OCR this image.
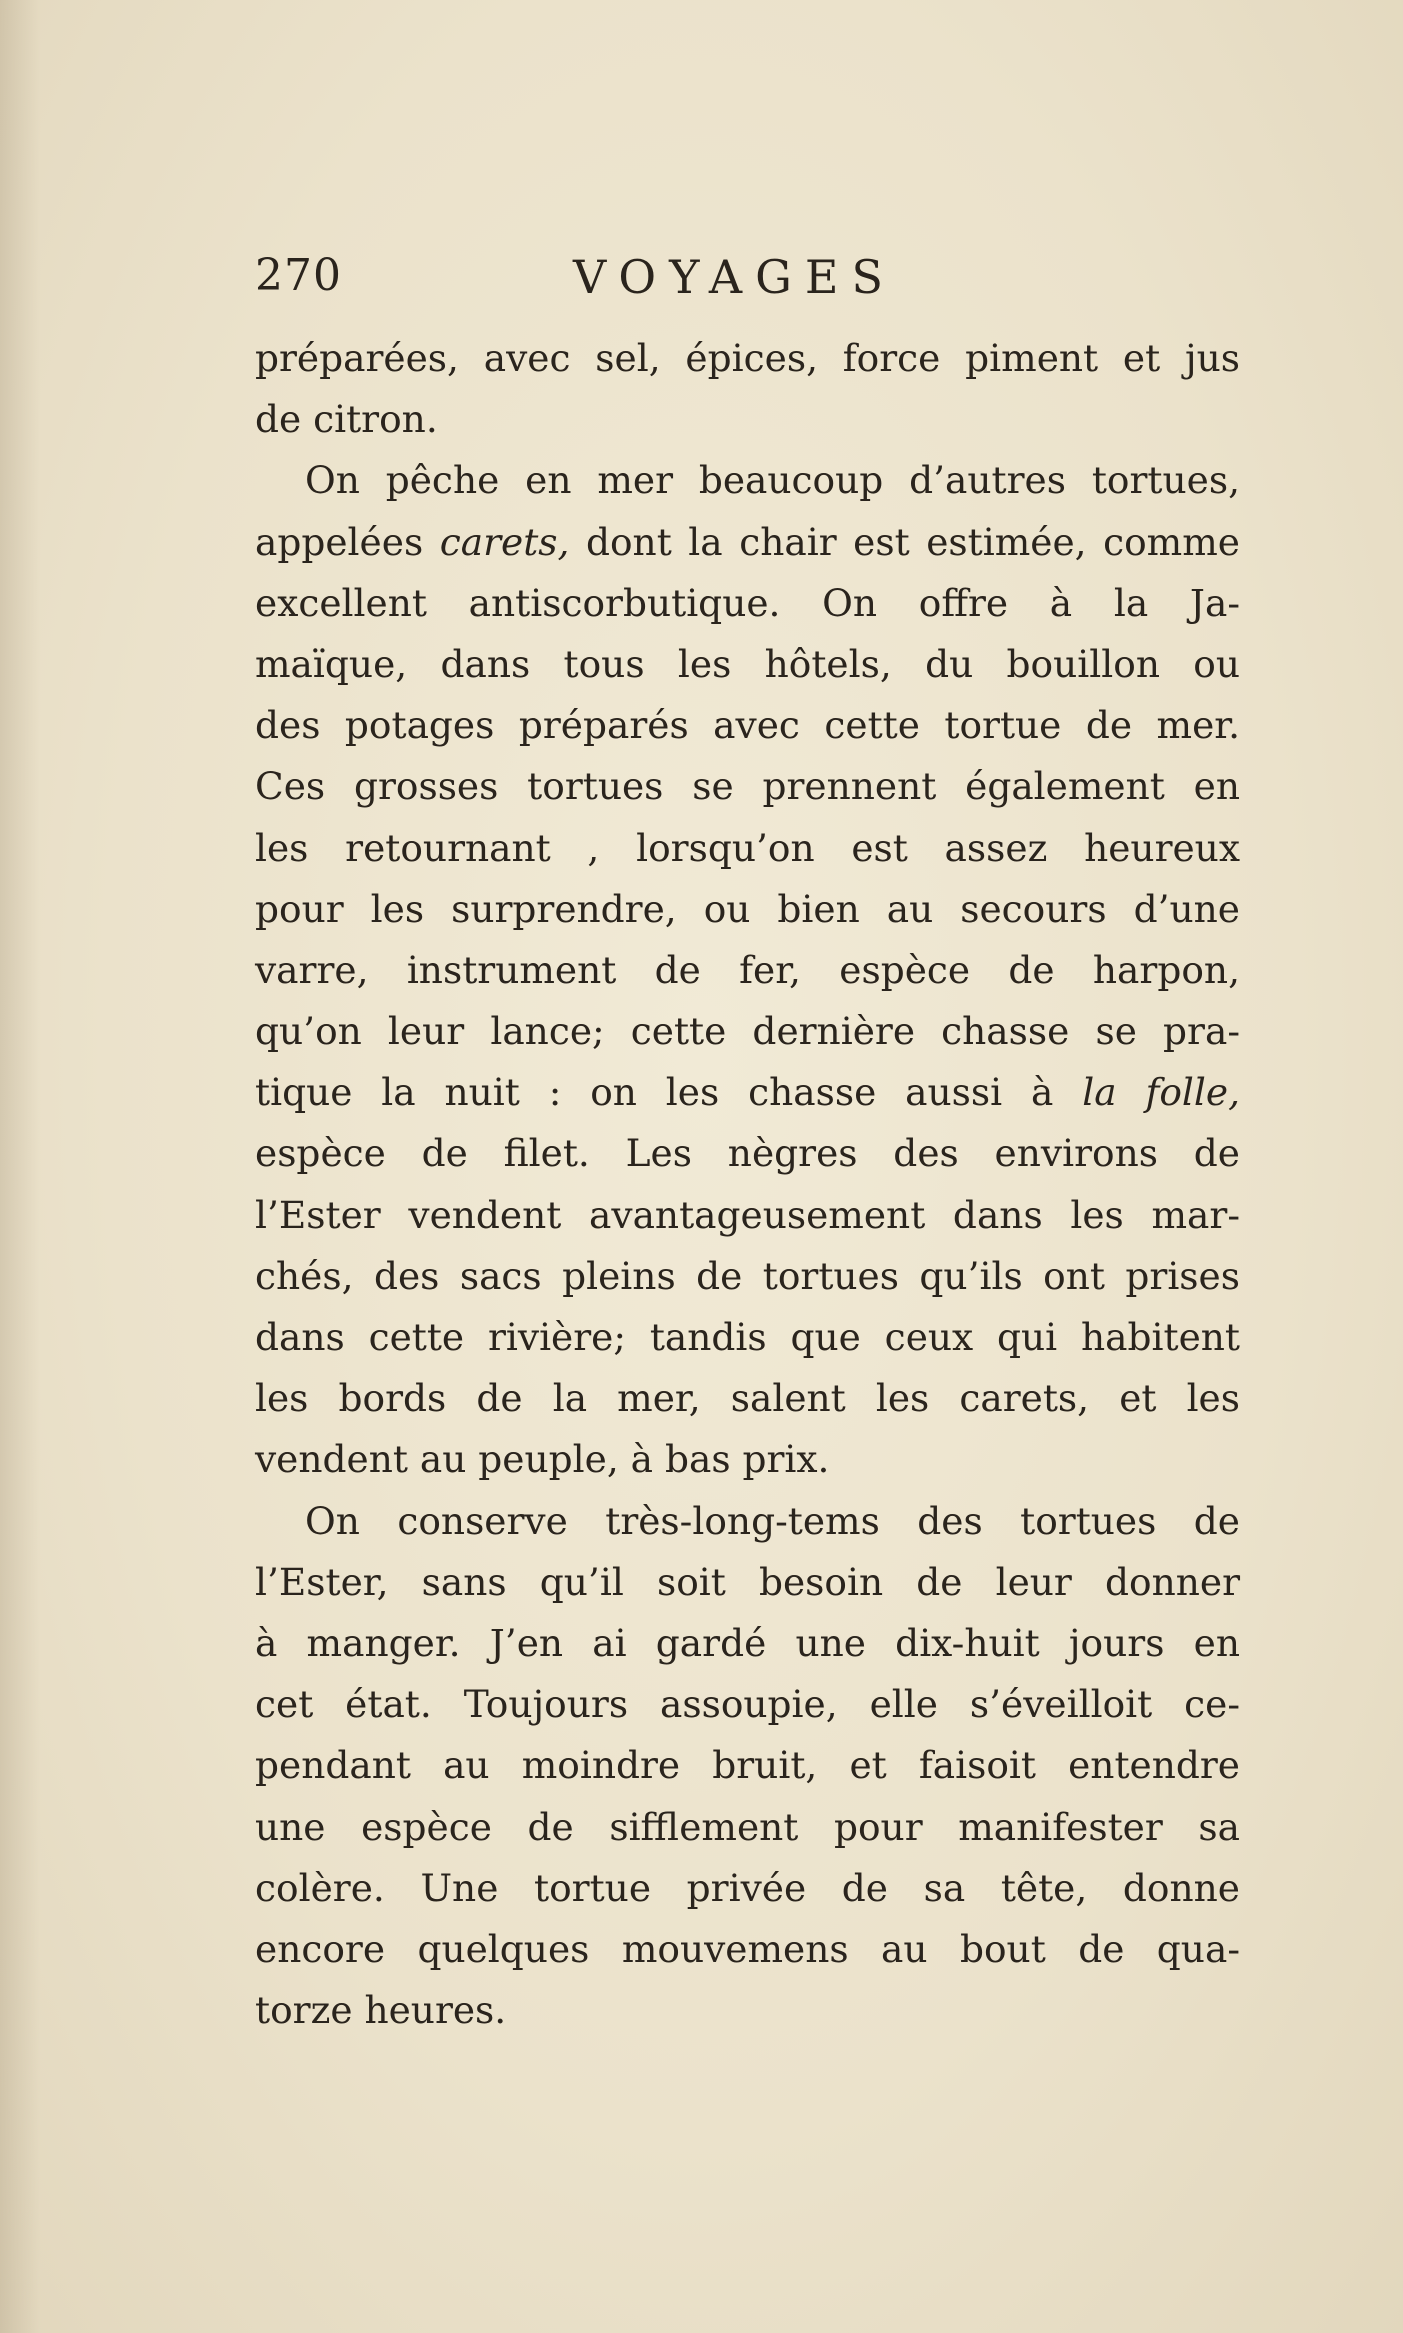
270	VOYAGES
préparées, avec sel, épices, force piment et jus
de citron.
On pêche en mer beaucoup d’autres tortues,
appelées carets, dont la chair est estimée, comme
excellent antiscorbutique. On offre à la Ja-
maïque, dans tous les hôtels, du bouillon ou
des potages préparés avec cette tortue de mer.
Ces grosses tortues se prennent également en
les retournant , lorsqu’on est assez heureux
pour les surprendre, ou bien au secours d’une
varre, instrument de fer, espèce de harpon,
qu’on leur lance; cette dernière chasse se pra-
tique la nuit : on les chasse aussi à la folle,
espèce de filet. Les nègres des environs de
l’Ester vendent avantageusement dans les mar-
chés, des sacs pleins de tortues qu’ils ont prises
dans cette rivière; tandis que ceux qui habitent
les bords de la mer, salent les carets, et les
vendent au peuple, à bas prix.
On conserve très-long-tems des tortues de
l’Ester, sans qu’il soit besoin de leur donner
à manger. J’en ai gardé une dix-huit jours en
cet état. Toujours assoupie, elle s’éveilloit ce-
pendant au moindre bruit, et faisoit entendre
une espèce de sifflement pour manifester sa
colère. Une tortue privée de sa tête, donne
encore quelques mouvemens au bout de qua-
torze heures.
